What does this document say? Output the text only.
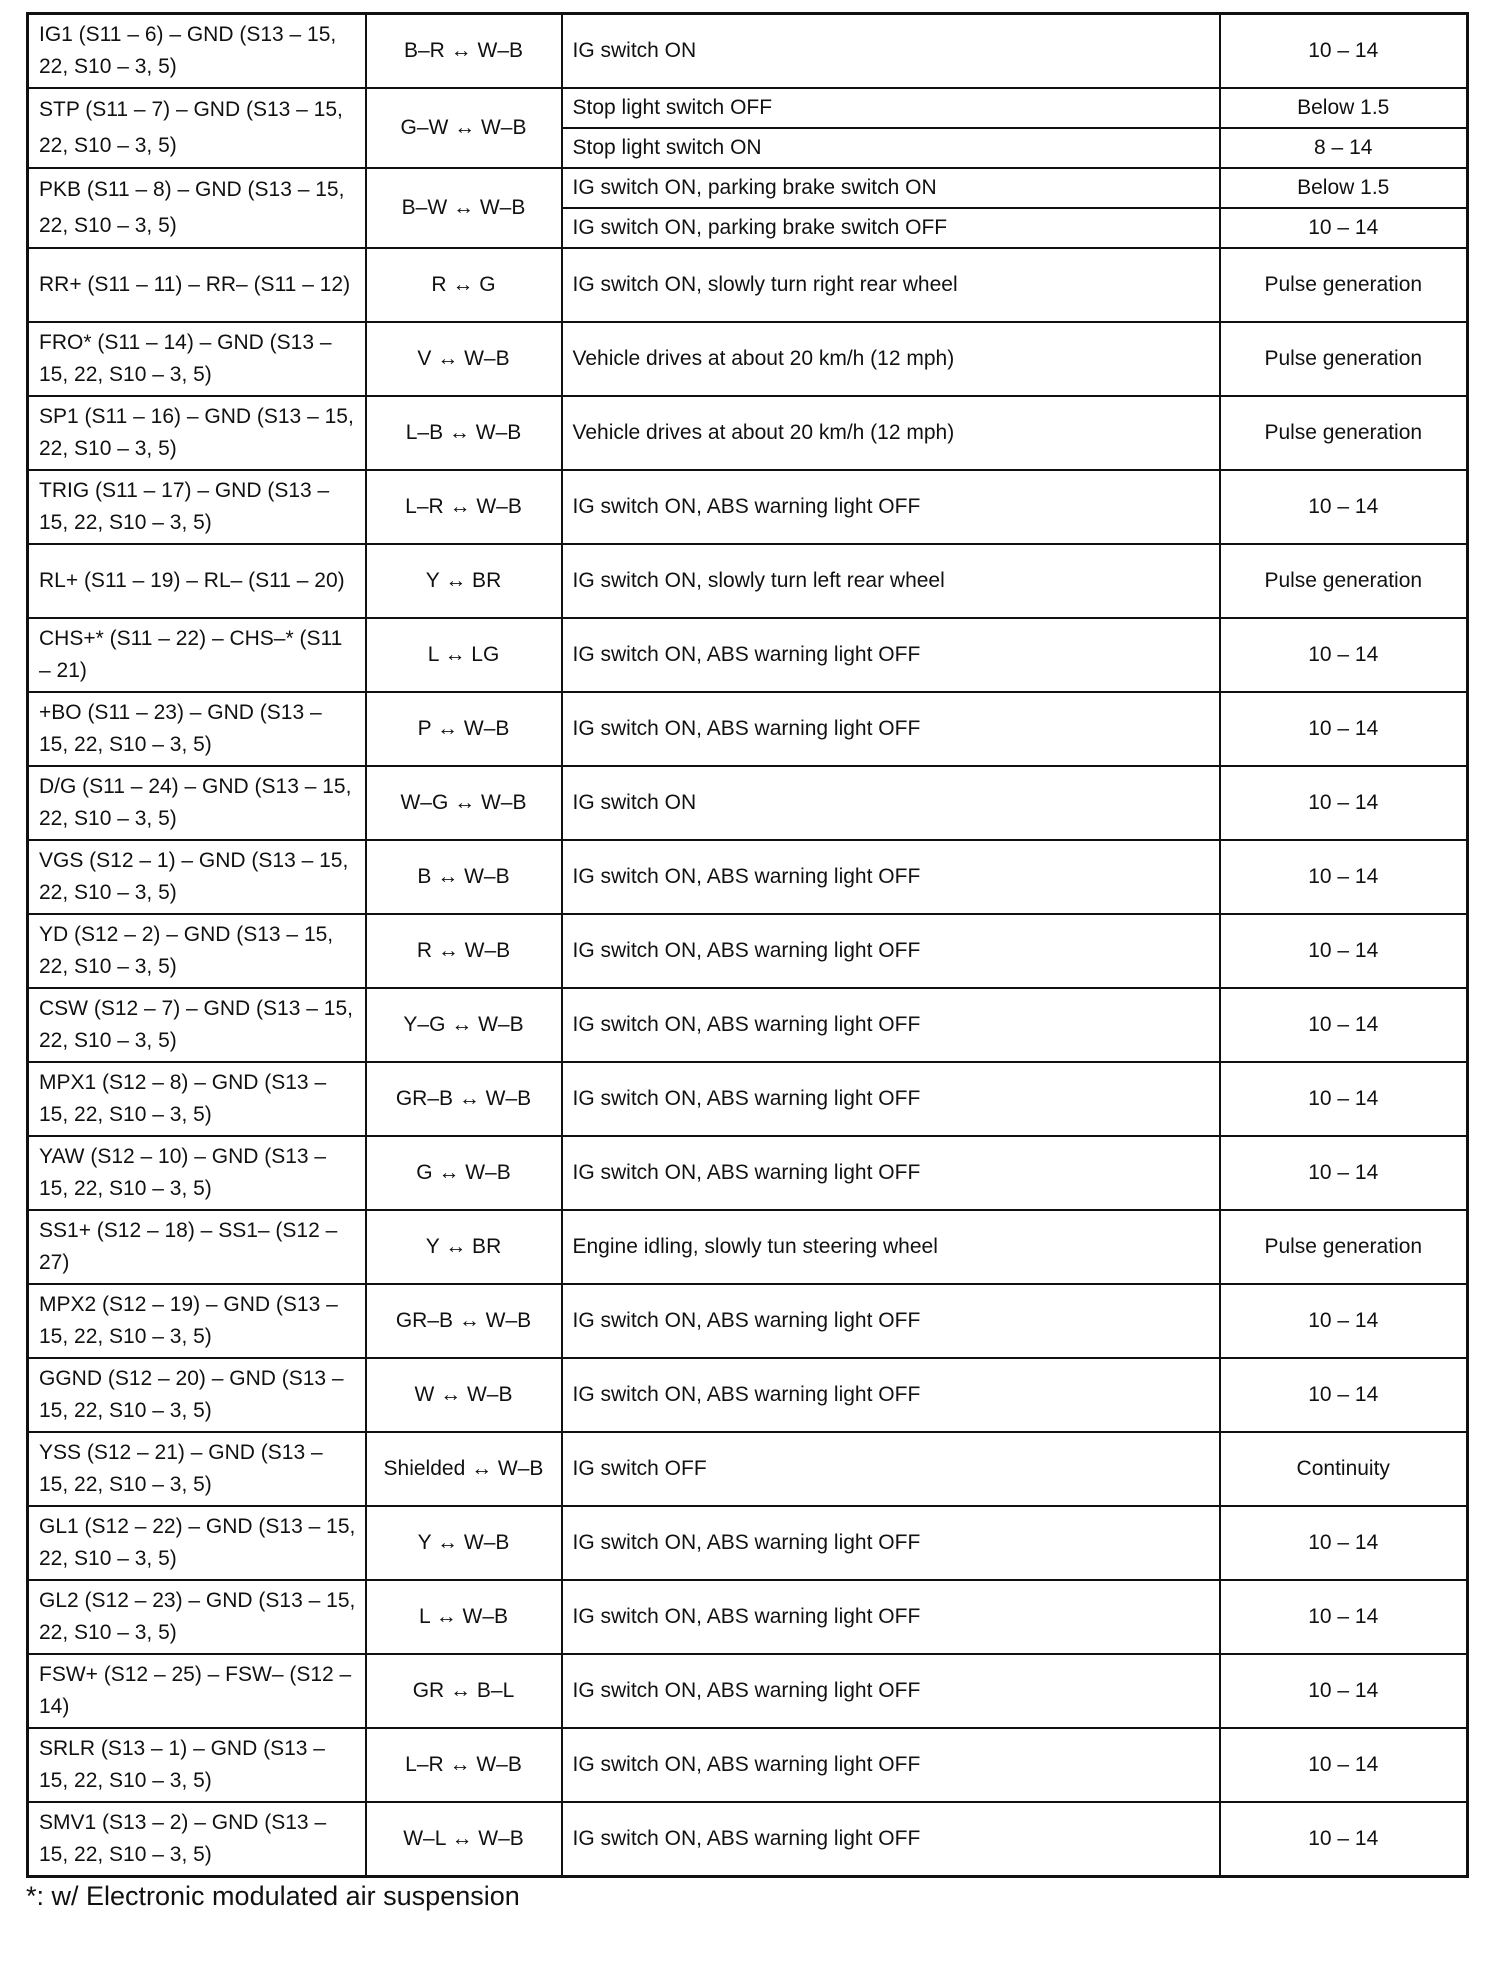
IG1 (S11 – 6) – GND (S13 – 15, 22, S10 – 3, 5)	B–R ↔ W–B	IG switch ON	10 – 14
STP (S11 – 7) – GND (S13 – 15, 22, S10 – 3, 5)	G–W ↔ W–B	Stop light switch OFF	Below 1.5
		Stop light switch ON	8 – 14
PKB (S11 – 8) – GND (S13 – 15, 22, S10 – 3, 5)	B–W ↔ W–B	IG switch ON, parking brake switch ON	Below 1.5
		IG switch ON, parking brake switch OFF	10 – 14
RR+ (S11 – 11) – RR– (S11 – 12)	R ↔ G	IG switch ON, slowly turn right rear wheel	Pulse generation
FRO* (S11 – 14) – GND (S13 – 15, 22, S10 – 3, 5)	V ↔ W–B	Vehicle drives at about 20 km/h (12 mph)	Pulse generation
SP1 (S11 – 16) – GND (S13 – 15, 22, S10 – 3, 5)	L–B ↔ W–B	Vehicle drives at about 20 km/h (12 mph)	Pulse generation
TRIG (S11 – 17) – GND (S13 – 15, 22, S10 – 3, 5)	L–R ↔ W–B	IG switch ON, ABS warning light OFF	10 – 14
RL+ (S11 – 19) – RL– (S11 – 20)	Y ↔ BR	IG switch ON, slowly turn left rear wheel	Pulse generation
CHS+* (S11 – 22) – CHS–* (S11 – 21)	L ↔ LG	IG switch ON, ABS warning light OFF	10 – 14
+BO (S11 – 23) – GND (S13 – 15, 22, S10 – 3, 5)	P ↔ W–B	IG switch ON, ABS warning light OFF	10 – 14
D/G (S11 – 24) – GND (S13 – 15, 22, S10 – 3, 5)	W–G ↔ W–B	IG switch ON	10 – 14
VGS (S12 – 1) – GND (S13 – 15, 22, S10 – 3, 5)	B ↔ W–B	IG switch ON, ABS warning light OFF	10 – 14
YD (S12 – 2) – GND (S13 – 15, 22, S10 – 3, 5)	R ↔ W–B	IG switch ON, ABS warning light OFF	10 – 14
CSW (S12 – 7) – GND (S13 – 15, 22, S10 – 3, 5)	Y–G ↔ W–B	IG switch ON, ABS warning light OFF	10 – 14
MPX1 (S12 – 8) – GND (S13 – 15, 22, S10 – 3, 5)	GR–B ↔ W–B	IG switch ON, ABS warning light OFF	10 – 14
YAW (S12 – 10) – GND (S13 – 15, 22, S10 – 3, 5)	G ↔ W–B	IG switch ON, ABS warning light OFF	10 – 14
SS1+ (S12 – 18) – SS1– (S12 – 27)	Y ↔ BR	Engine idling, slowly tun steering wheel	Pulse generation
MPX2 (S12 – 19) – GND (S13 –15, 22, S10 – 3, 5)	GR–B ↔ W–B	IG switch ON, ABS warning light OFF	10 – 14
GGND (S12 – 20) – GND (S13 – 15, 22, S10 – 3, 5)	W ↔ W–B	IG switch ON, ABS warning light OFF	10 – 14
YSS (S12 – 21) – GND (S13 – 15, 22, S10 – 3, 5)	Shielded ↔ W–B	IG switch OFF	Continuity
GL1 (S12 – 22) – GND (S13 – 15, 22, S10 – 3, 5)	Y ↔ W–B	IG switch ON, ABS warning light OFF	10 – 14
GL2 (S12 – 23) – GND (S13 – 15, 22, S10 – 3, 5)	L ↔ W–B	IG switch ON, ABS warning light OFF	10 – 14
FSW+ (S12 – 25) – FSW– (S12 – 14)	GR ↔ B–L	IG switch ON, ABS warning light OFF	10 – 14
SRLR (S13 – 1) – GND (S13 – 15, 22, S10 – 3, 5)	L–R ↔ W–B	IG switch ON, ABS warning light OFF	10 – 14
SMV1 (S13 – 2) – GND (S13 – 15, 22, S10 – 3, 5)	W–L ↔ W–B	IG switch ON, ABS warning light OFF	10 – 14
*: w/ Electronic modulated air suspension
